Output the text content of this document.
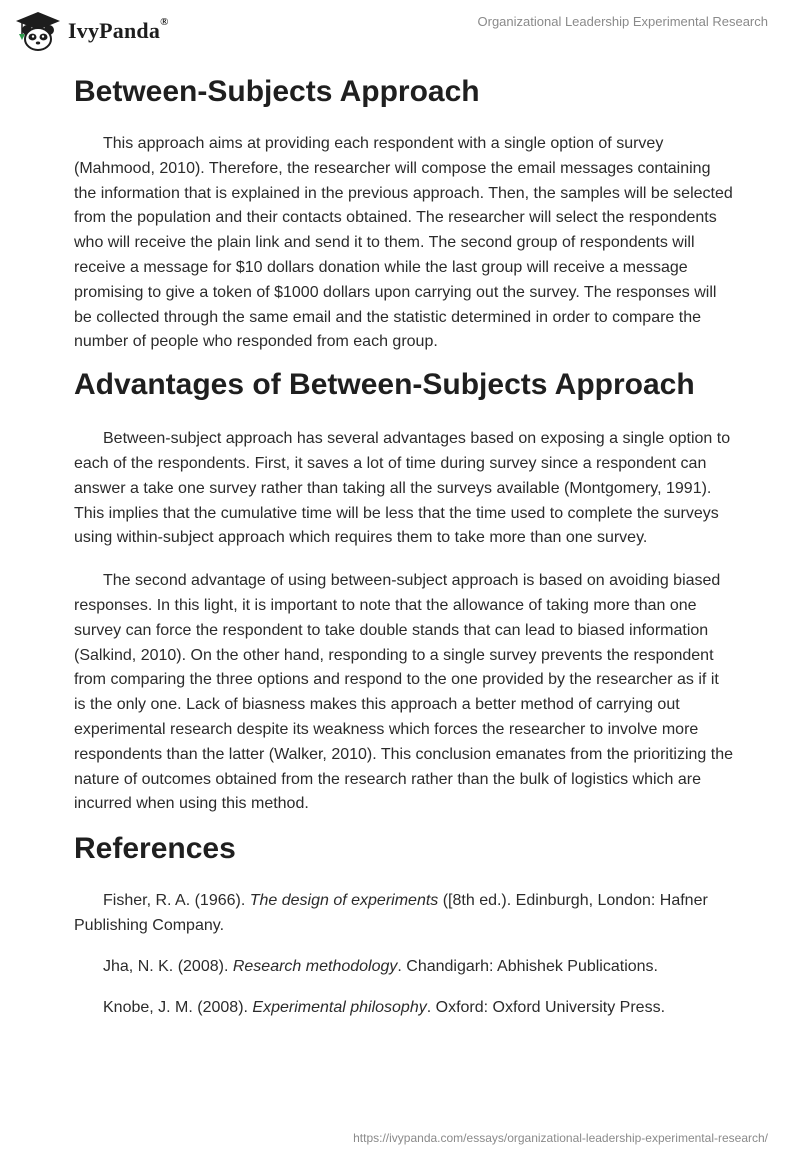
IvyPanda®	Organizational Leadership Experimental Research
Between-Subjects Approach

This approach aims at providing each respondent with a single option of survey (Mahmood, 2010). Therefore, the researcher will compose the email messages containing the information that is explained in the previous approach. Then, the samples will be selected from the population and their contacts obtained. The researcher will select the respondents who will receive the plain link and send it to them. The second group of respondents will receive a message for $10 dollars donation while the last group will receive a message promising to give a token of $1000 dollars upon carrying out the survey. The responses will be collected through the same email and the statistic determined in order to compare the number of people who responded from each group.

Advantages of Between-Subjects Approach

Between-subject approach has several advantages based on exposing a single option to each of the respondents. First, it saves a lot of time during survey since a respondent can answer a take one survey rather than taking all the surveys available (Montgomery, 1991). This implies that the cumulative time will be less that the time used to complete the surveys using within-subject approach which requires them to take more than one survey.

The second advantage of using between-subject approach is based on avoiding biased responses. In this light, it is important to note that the allowance of taking more than one survey can force the respondent to take double stands that can lead to biased information (Salkind, 2010). On the other hand, responding to a single survey prevents the respondent from comparing the three options and respond to the one provided by the researcher as if it is the only one. Lack of biasness makes this approach a better method of carrying out experimental research despite its weakness which forces the researcher to involve more respondents than the latter (Walker, 2010). This conclusion emanates from the prioritizing the nature of outcomes obtained from the research rather than the bulk of logistics which are incurred when using this method.

References

Fisher, R. A. (1966). The design of experiments ([8th ed.). Edinburgh, London: Hafner Publishing Company.

Jha, N. K. (2008). Research methodology. Chandigarh: Abhishek Publications.

Knobe, J. M. (2008). Experimental philosophy. Oxford: Oxford University Press.

https://ivypanda.com/essays/organizational-leadership-experimental-research/
